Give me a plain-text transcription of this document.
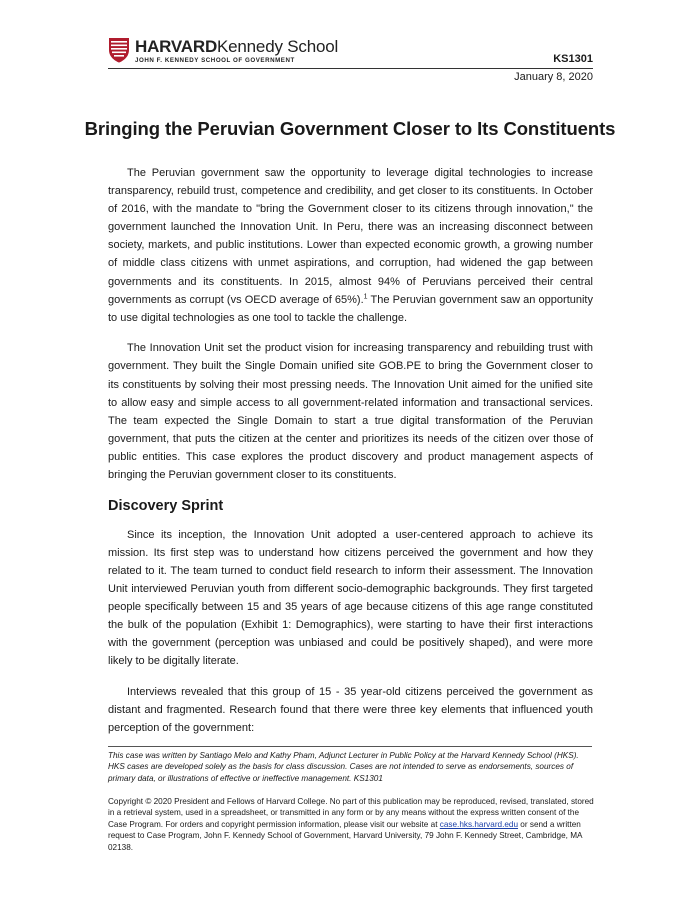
HARVARDKennedy School
JOHN F. KENNEDY SCHOOL OF GOVERNMENT	KS1301
January 8, 2020
Bringing the Peruvian Government Closer to Its Constituents

The Peruvian government saw the opportunity to leverage digital technologies to increase transparency, rebuild trust, competence and credibility, and get closer to its constituents. In October of 2016, with the mandate to "bring the Government closer to its citizens through innovation," the government launched the Innovation Unit. In Peru, there was an increasing disconnect between society, markets, and public institutions. Lower than expected economic growth, a growing number of middle class citizens with unmet aspirations, and corruption, had widened the gap between governments and its constituents. In 2015, almost 94% of Peruvians perceived their central governments as corrupt (vs OECD average of 65%).$^1$ The Peruvian government saw an opportunity to use digital technologies as one tool to tackle the challenge.

The Innovation Unit set the product vision for increasing transparency and rebuilding trust with government. They built the Single Domain unified site GOB.PE to bring the Government closer to its constituents by solving their most pressing needs. The Innovation Unit aimed for the unified site to allow easy and simple access to all government-related information and transactional services. The team expected the Single Domain to start a true digital transformation of the Peruvian government, that puts the citizen at the center and prioritizes its needs of the citizen over those of public entities. This case explores the product discovery and product management aspects of bringing the Peruvian government closer to its constituents.

Discovery Sprint

Since its inception, the Innovation Unit adopted a user-centered approach to achieve its mission. Its first step was to understand how citizens perceived the government and how they related to it. The team turned to conduct field research to inform their assessment. The Innovation Unit interviewed Peruvian youth from different socio-demographic backgrounds. They first targeted people specifically between 15 and 35 years of age because citizens of this age range constituted the bulk of the population (Exhibit 1: Demographics), were starting to have their first interactions with the government (perception was unbiased and could be positively shaped), and were more likely to be digitally literate.

Interviews revealed that this group of 15 - 35 year-old citizens perceived the government as distant and fragmented. Research found that there were three key elements that influenced youth perception of the government:

This case was written by Santiago Melo and Kathy Pham, Adjunct Lecturer in Public Policy at the Harvard Kennedy School (HKS). HKS cases are developed solely as the basis for class discussion. Cases are not intended to serve as endorsements, sources of primary data, or illustrations of effective or ineffective management. KS1301
Copyright © 2020 President and Fellows of Harvard College. No part of this publication may be reproduced, revised, translated, stored in a retrieval system, used in a spreadsheet, or transmitted in any form or by any means without the express written consent of the Case Program. For orders and copyright permission information, please visit our website at case.hks.harvard.edu or send a written request to Case Program, John F. Kennedy School of Government, Harvard University, 79 John F. Kennedy Street, Cambridge, MA 02138.
